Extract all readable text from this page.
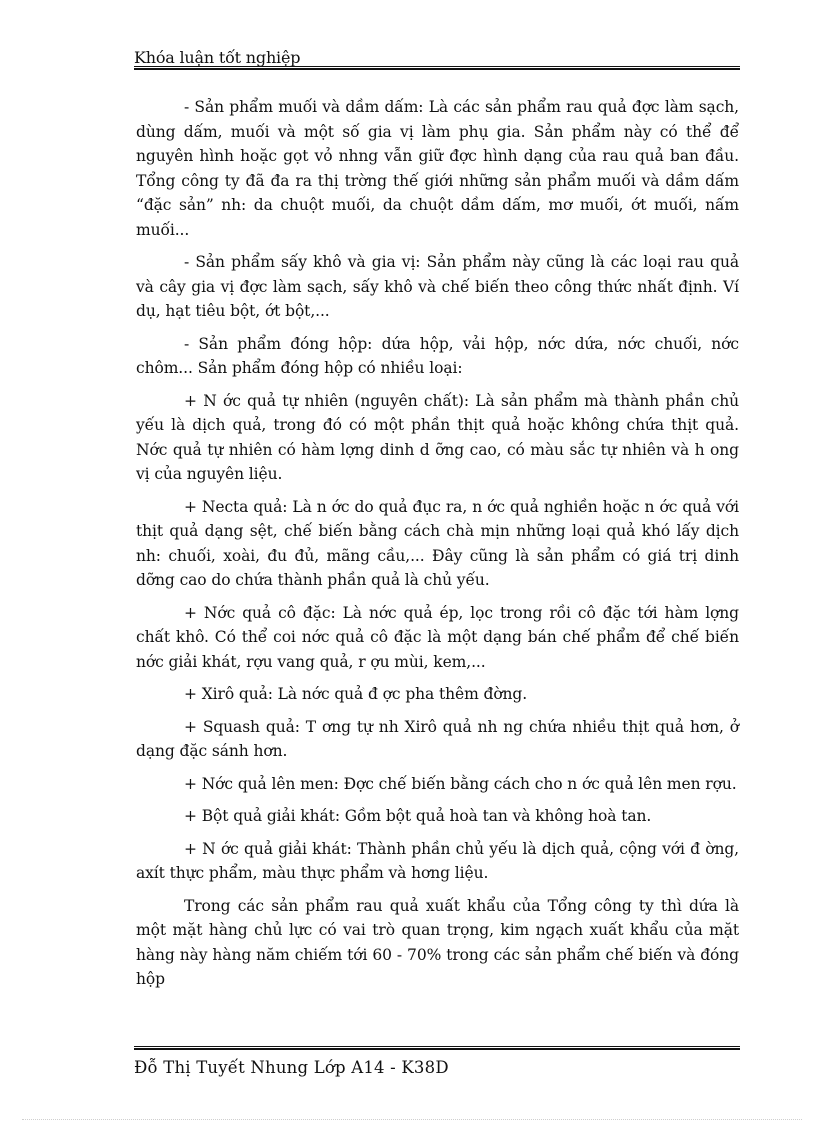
Khóa luận tốt nghiệp

- Sản phẩm muối và dầm dấm: Là các sản phẩm rau quả đợc làm sạch, dùng dấm, muối và một số gia vị làm phụ gia. Sản phẩm này có thể để nguyên hình hoặc gọt vỏ nhng vẫn giữ đợc hình dạng của rau quả ban đầu. Tổng công ty đã đa ra thị trờng thế giới những sản phẩm muối và dầm dấm “đặc sản” nh: da chuột muối, da chuột dầm dấm, mơ muối, ớt muối, nấm muối...

- Sản phẩm sấy khô và gia vị: Sản phẩm này cũng là các loại rau quả và cây gia vị đợc làm sạch, sấy khô và chế biến theo công thức nhất định. Ví dụ, hạt tiêu bột, ớt bột,...

- Sản phẩm đóng hộp: dứa hộp, vải hộp, nớc dứa, nớc chuối, nớc chôm... Sản phẩm đóng hộp có nhiều loại:

+ N ớc quả tự nhiên (nguyên chất): Là sản phẩm mà thành phần chủ yếu là dịch quả, trong đó có một phần thịt quả hoặc không chứa thịt quả. Nớc quả tự nhiên có hàm lợng dinh d ỡng cao, có màu sắc tự nhiên và h ong vị của nguyên liệu.

+ Necta quả: Là n ớc do quả đục ra, n ớc quả nghiền hoặc n ớc quả với thịt quả dạng sệt, chế biến bằng cách chà mịn những loại quả khó lấy dịch nh: chuối, xoài, đu đủ, mãng cầu,... Đây cũng là sản phẩm có giá trị dinh dỡng cao do chứa thành phần quả là chủ yếu.

+ Nớc quả cô đặc: Là nớc quả ép, lọc trong rồi cô đặc tới hàm lợng chất khô. Có thể coi nớc quả cô đặc là một dạng bán chế phẩm để chế biến nớc giải khát, rợu vang quả, r ợu mùi, kem,...

+ Xirô quả: Là nớc quả đ ợc pha thêm đờng.

+ Squash quả: T ơng tự nh Xirô quả nh ng chứa nhiều thịt quả hơn, ở dạng đặc sánh hơn.

+ Nớc quả lên men: Đợc chế biến bằng cách cho n ớc quả lên men rợu.

+ Bột quả giải khát: Gồm bột quả hoà tan và không hoà tan.

+ N ớc quả giải khát: Thành phần chủ yếu là dịch quả, cộng với đ ờng, axít thực phẩm, màu thực phẩm và hơng liệu.

Trong các sản phẩm rau quả xuất khẩu của Tổng công ty thì dứa là một mặt hàng chủ lực có vai trò quan trọng, kim ngạch xuất khẩu của mặt hàng này hàng năm chiếm tới 60 - 70% trong các sản phẩm chế biến và đóng hộp

Đỗ Thị Tuyết Nhung Lớp A14 - K38D
